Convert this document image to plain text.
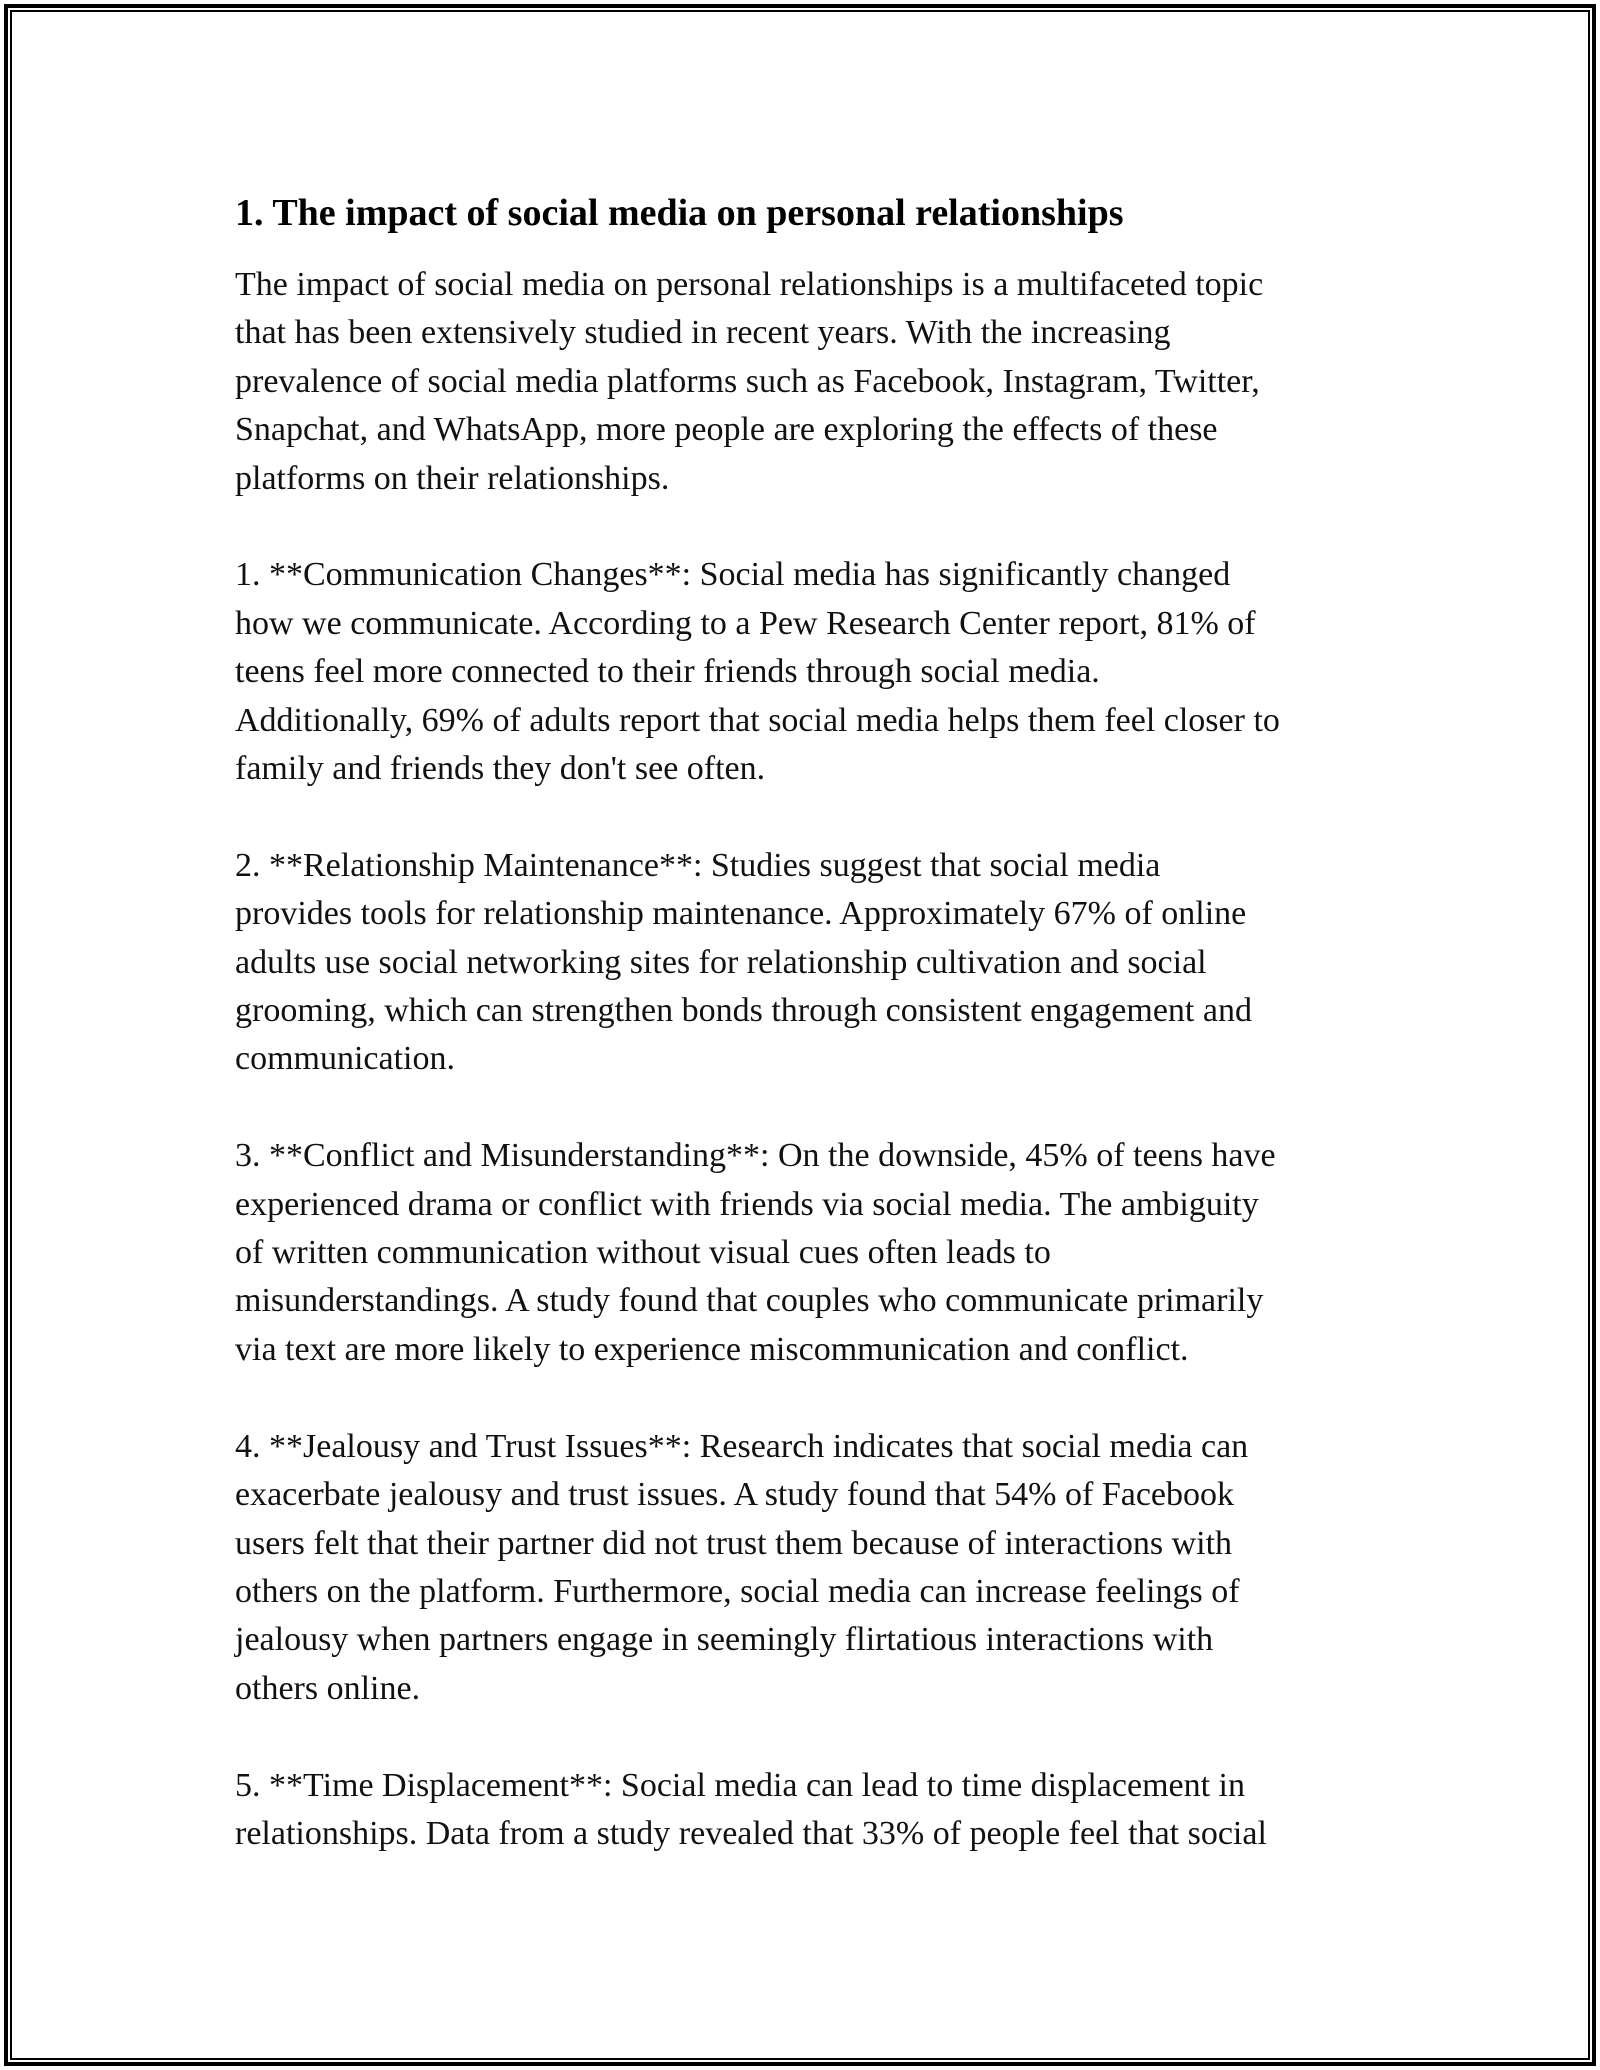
1. The impact of social media on personal relationships

The impact of social media on personal relationships is a multifaceted topic
that has been extensively studied in recent years. With the increasing
prevalence of social media platforms such as Facebook, Instagram, Twitter,
Snapchat, and WhatsApp, more people are exploring the effects of these
platforms on their relationships.

1. **Communication Changes**: Social media has significantly changed
how we communicate. According to a Pew Research Center report, 81% of
teens feel more connected to their friends through social media.
Additionally, 69% of adults report that social media helps them feel closer to
family and friends they don't see often.

2. **Relationship Maintenance**: Studies suggest that social media
provides tools for relationship maintenance. Approximately 67% of online
adults use social networking sites for relationship cultivation and social
grooming, which can strengthen bonds through consistent engagement and
communication.

3. **Conflict and Misunderstanding**: On the downside, 45% of teens have
experienced drama or conflict with friends via social media. The ambiguity
of written communication without visual cues often leads to
misunderstandings. A study found that couples who communicate primarily
via text are more likely to experience miscommunication and conflict.

4. **Jealousy and Trust Issues**: Research indicates that social media can
exacerbate jealousy and trust issues. A study found that 54% of Facebook
users felt that their partner did not trust them because of interactions with
others on the platform. Furthermore, social media can increase feelings of
jealousy when partners engage in seemingly flirtatious interactions with
others online.

5. **Time Displacement**: Social media can lead to time displacement in
relationships. Data from a study revealed that 33% of people feel that social
